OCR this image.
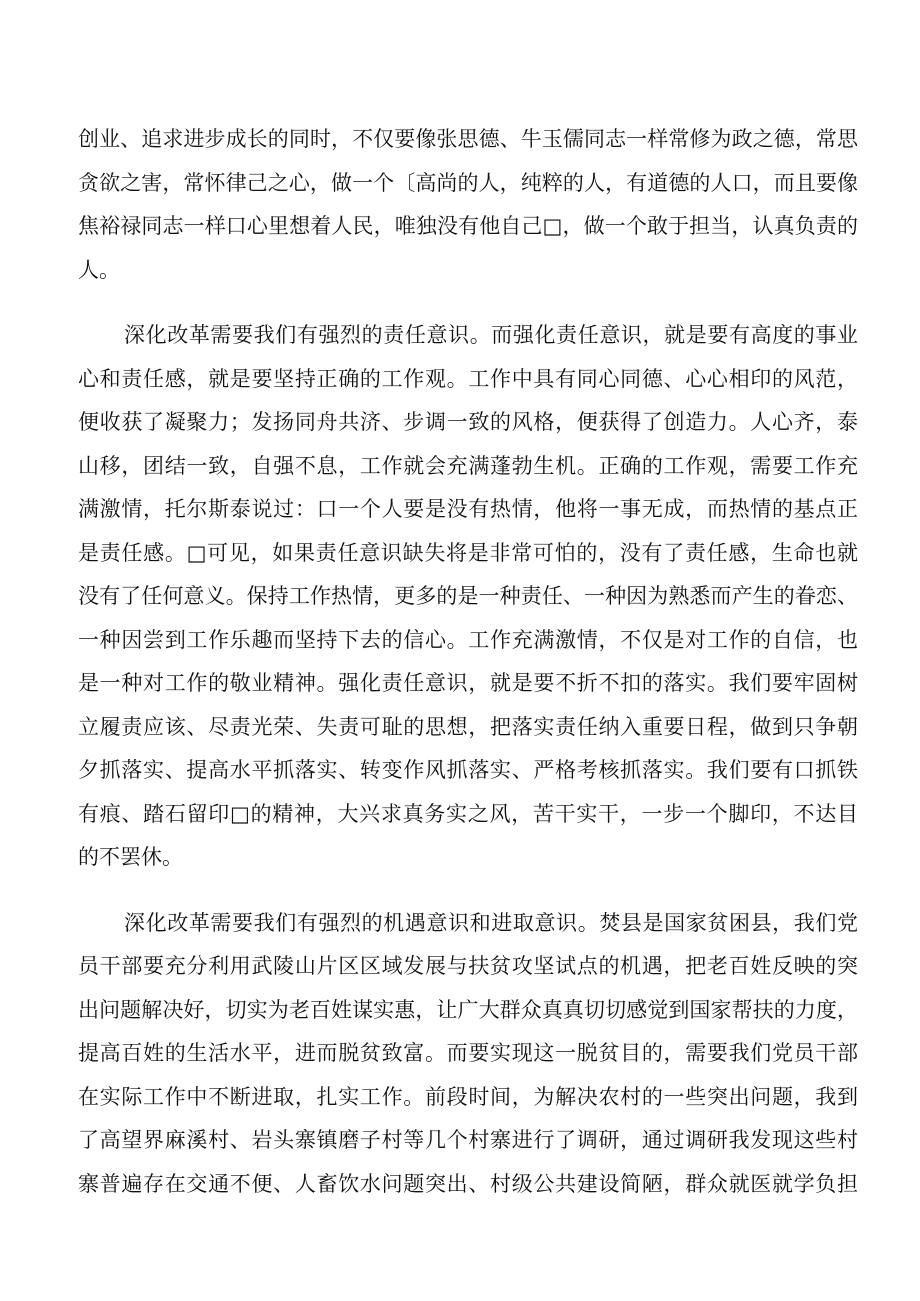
创业、追求进步成长的同时，不仅要像张思德、牛玉儒同志一样常修为政之德，常思
贪欲之害，常怀律己之心，做一个〔高尚的人，纯粹的人，有道德的人口，而且要像
焦裕禄同志一样口心里想着人民，唯独没有他自己□，做一个敢于担当，认真负责的
人。
深化改革需要我们有强烈的责任意识。而强化责任意识，就是要有高度的事业
心和责任感，就是要坚持正确的工作观。工作中具有同心同德、心心相印的风范，
便收获了凝聚力；发扬同舟共济、步调一致的风格，便获得了创造力。人心齐，泰
山移，团结一致，自强不息，工作就会充满蓬勃生机。正确的工作观，需要工作充
满激情，托尔斯泰说过：口一个人要是没有热情，他将一事无成，而热情的基点正
是责任感。□可见，如果责任意识缺失将是非常可怕的，没有了责任感，生命也就
没有了任何意义。保持工作热情，更多的是一种责任、一种因为熟悉而产生的眷恋、
一种因尝到工作乐趣而坚持下去的信心。工作充满激情，不仅是对工作的自信，也
是一种对工作的敬业精神。强化责任意识，就是要不折不扣的落实。我们要牢固树
立履责应该、尽责光荣、失责可耻的思想，把落实责任纳入重要日程，做到只争朝
夕抓落实、提高水平抓落实、转变作风抓落实、严格考核抓落实。我们要有口抓铁
有痕、踏石留印□的精神，大兴求真务实之风，苦干实干，一步一个脚印，不达目
的不罢休。
深化改革需要我们有强烈的机遇意识和进取意识。焚县是国家贫困县，我们党
员干部要充分利用武陵山片区区域发展与扶贫攻坚试点的机遇，把老百姓反映的突
出问题解决好，切实为老百姓谋实惠，让广大群众真真切切感觉到国家帮扶的力度，
提高百姓的生活水平，进而脱贫致富。而要实现这一脱贫目的，需要我们党员干部
在实际工作中不断进取，扎实工作。前段时间，为解决农村的一些突出问题，我到
了高望界麻溪村、岩头寨镇磨子村等几个村寨进行了调研，通过调研我发现这些村
寨普遍存在交通不便、人畜饮水问题突出、村级公共建设简陋，群众就医就学负担
